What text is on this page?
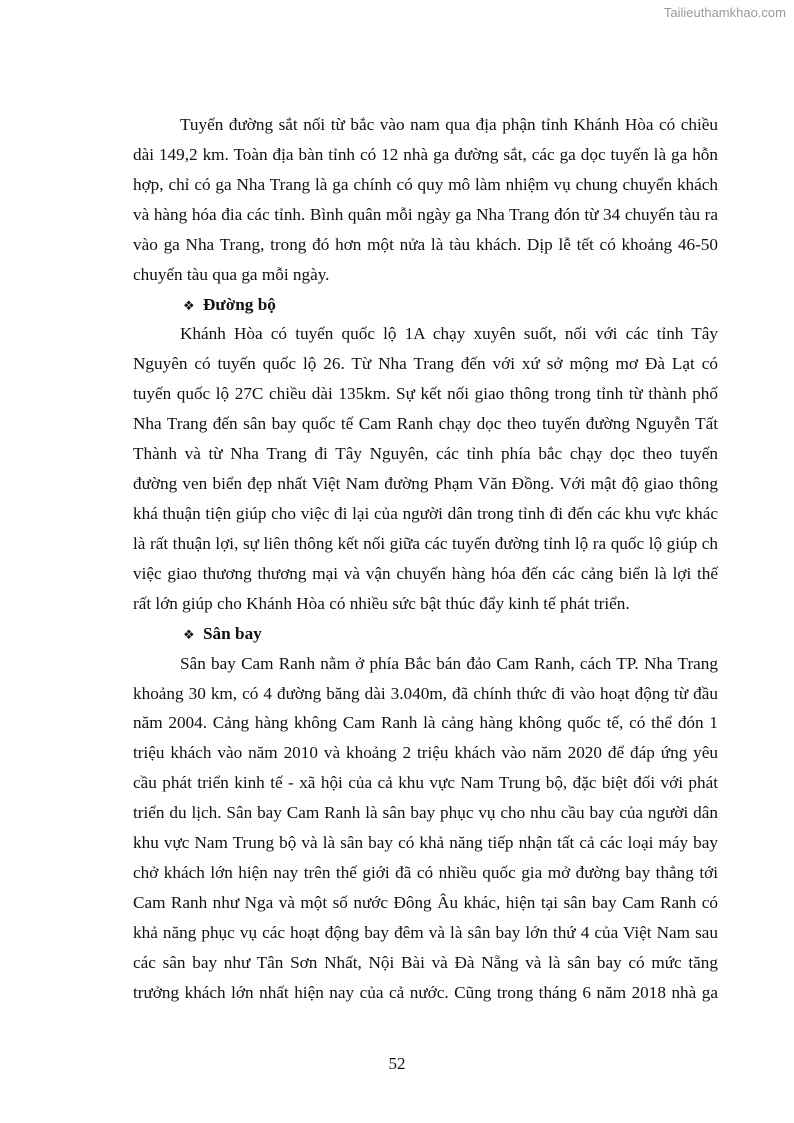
Tailieuthamkhao.com
Tuyến đường sắt nối từ bắc vào nam qua địa phận tỉnh Khánh Hòa có chiều
dài 149,2 km. Toàn địa bàn tỉnh có 12 nhà ga đường sắt, các ga dọc tuyến là ga hỗn
hợp, chỉ có ga Nha Trang là ga chính có quy mô làm nhiệm vụ chung chuyển khách
và hàng hóa đia các tỉnh. Bình quân mỗi ngày ga Nha Trang đón từ 34 chuyến tàu ra
vào ga Nha Trang, trong đó hơn một nửa là tàu khách. Dịp lễ tết có khoảng 46-50
chuyến tàu qua ga mỗi ngày.
❖ Đường bộ
Khánh Hòa có tuyến quốc lộ 1A chạy xuyên suốt, nối với các tỉnh Tây
Nguyên có tuyến quốc lộ 26. Từ Nha Trang đến với xứ sở mộng mơ Đà Lạt có
tuyến quốc lộ 27C chiều dài 135km. Sự kết nối giao thông trong tỉnh từ thành phố
Nha Trang đến sân bay quốc tế Cam Ranh chạy dọc theo tuyến đường Nguyễn Tất
Thành và từ Nha Trang đi Tây Nguyên, các tỉnh phía bắc chạy dọc theo tuyến
đường ven biển đẹp nhất Việt Nam đường Phạm Văn Đồng. Với mật độ giao thông
khá thuận tiện giúp cho việc đi lại của người dân trong tỉnh đi đến các khu vực khác
là rất thuận lợi, sự liên thông kết nối giữa các tuyến đường tỉnh lộ ra quốc lộ giúp ch
việc giao thương thương mại và vận chuyển hàng hóa đến các cảng biển là lợi thế
rất lớn giúp cho Khánh Hòa có nhiều sức bật thúc đẩy kinh tế phát triển.
❖ Sân bay
Sân bay Cam Ranh nằm ở phía Bắc bán đảo Cam Ranh, cách TP. Nha Trang
khoảng 30 km, có 4 đường băng dài 3.040m, đã chính thức đi vào hoạt động từ đầu
năm 2004. Cảng hàng không Cam Ranh là cảng hàng không quốc tế, có thể đón 1
triệu khách vào năm 2010 và khoảng 2 triệu khách vào năm 2020 để đáp ứng yêu
cầu phát triển kinh tế - xã hội của cả khu vực Nam Trung bộ, đặc biệt đối với phát
triển du lịch. Sân bay Cam Ranh là sân bay phục vụ cho nhu cầu bay của người dân
khu vực Nam Trung bộ và là sân bay có khả năng tiếp nhận tất cả các loại máy bay
chở khách lớn hiện nay trên thế giới đã có nhiều quốc gia mở đường bay thẳng tới
Cam Ranh như Nga và một số nước Đông Âu khác, hiện tại sân bay Cam Ranh có
khả năng phục vụ các hoạt động bay đêm và là sân bay lớn thứ 4 của Việt Nam sau
các sân bay như Tân Sơn Nhất, Nội Bài và Đà Nẵng và là sân bay có mức tăng
trưởng khách lớn nhất hiện nay của cả nước. Cũng trong tháng 6 năm 2018 nhà ga
52
